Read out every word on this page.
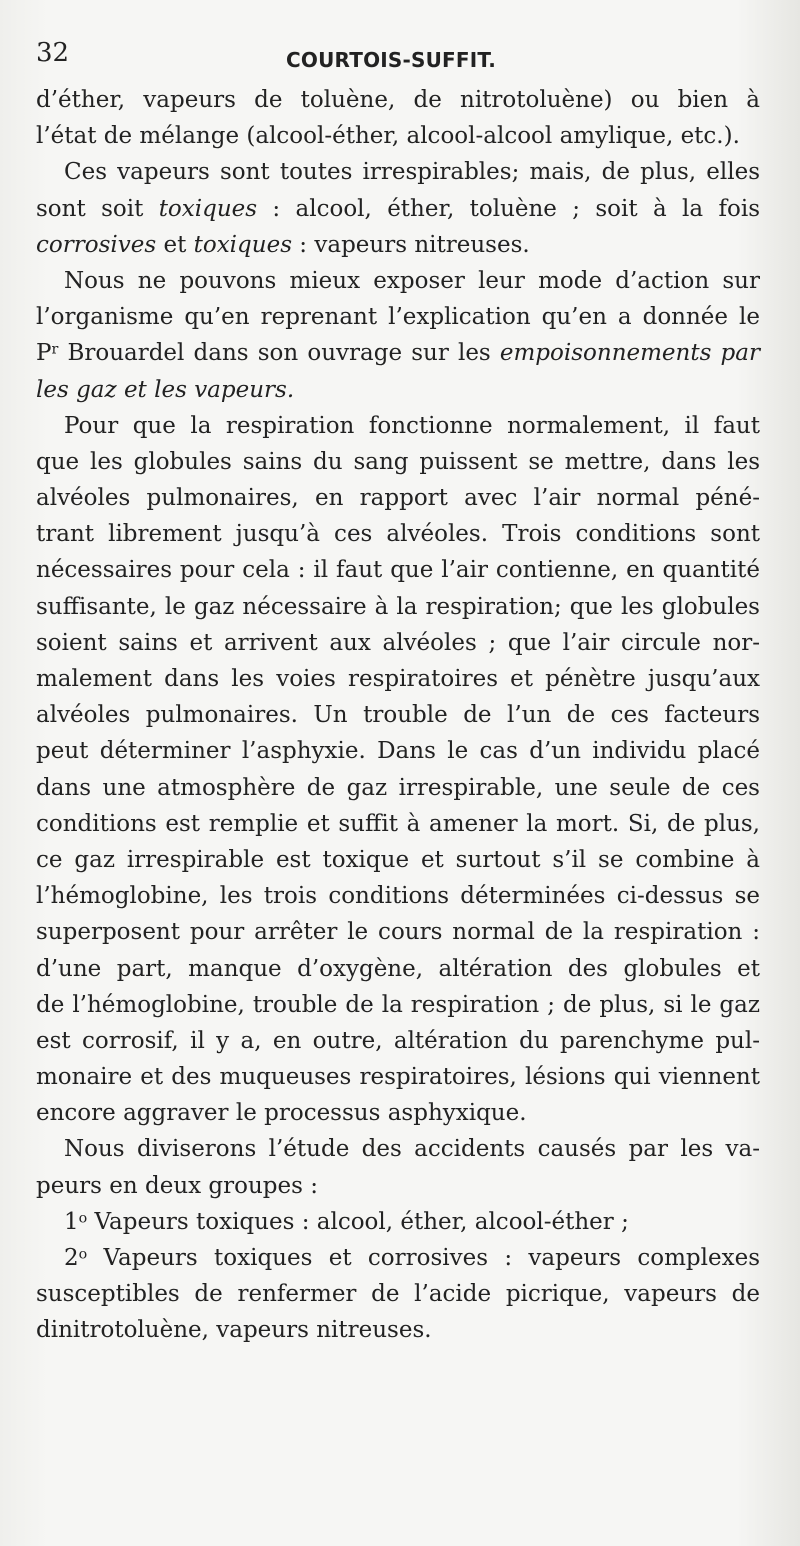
32	COURTOIS-SUFFIT.
d’éther, vapeurs de toluène, de nitrotoluène) ou bien à
l’état de mélange (alcool-éther, alcool-alcool amylique, etc.).
Ces vapeurs sont toutes irrespirables; mais, de plus, elles
sont soit toxiques : alcool, éther, toluène ; soit à la fois
corrosives et toxiques : vapeurs nitreuses.
Nous ne pouvons mieux exposer leur mode d’action sur
l’organisme qu’en reprenant l’explication qu’en a donnée le
$P^r$ Brouardel dans son ouvrage sur les empoisonnements par
les gaz et les vapeurs.
Pour que la respiration fonctionne normalement, il faut
que les globules sains du sang puissent se mettre, dans les
alvéoles pulmonaires, en rapport avec l’air normal péné-
trant librement jusqu’à ces alvéoles. Trois conditions sont
nécessaires pour cela : il faut que l’air contienne, en quantité
suffisante, le gaz nécessaire à la respiration; que les globules
soient sains et arrivent aux alvéoles ; que l’air circule nor-
malement dans les voies respiratoires et pénètre jusqu’aux
alvéoles pulmonaires. Un trouble de l’un de ces facteurs
peut déterminer l’asphyxie. Dans le cas d’un individu placé
dans une atmosphère de gaz irrespirable, une seule de ces
conditions est remplie et suffit à amener la mort. Si, de plus,
ce gaz irrespirable est toxique et surtout s’il se combine à
l’hémoglobine, les trois conditions déterminées ci-dessus se
superposent pour arrêter le cours normal de la respiration :
d’une part, manque d’oxygène, altération des globules et
de l’hémoglobine, trouble de la respiration ; de plus, si le gaz
est corrosif, il y a, en outre, altération du parenchyme pul-
monaire et des muqueuses respiratoires, lésions qui viennent
encore aggraver le processus asphyxique.
Nous diviserons l’étude des accidents causés par les va-
peurs en deux groupes :
1$^o$ Vapeurs toxiques : alcool, éther, alcool-éther ;
2$^o$ Vapeurs toxiques et corrosives : vapeurs complexes
susceptibles de renfermer de l’acide picrique, vapeurs de
dinitrotoluène, vapeurs nitreuses.
